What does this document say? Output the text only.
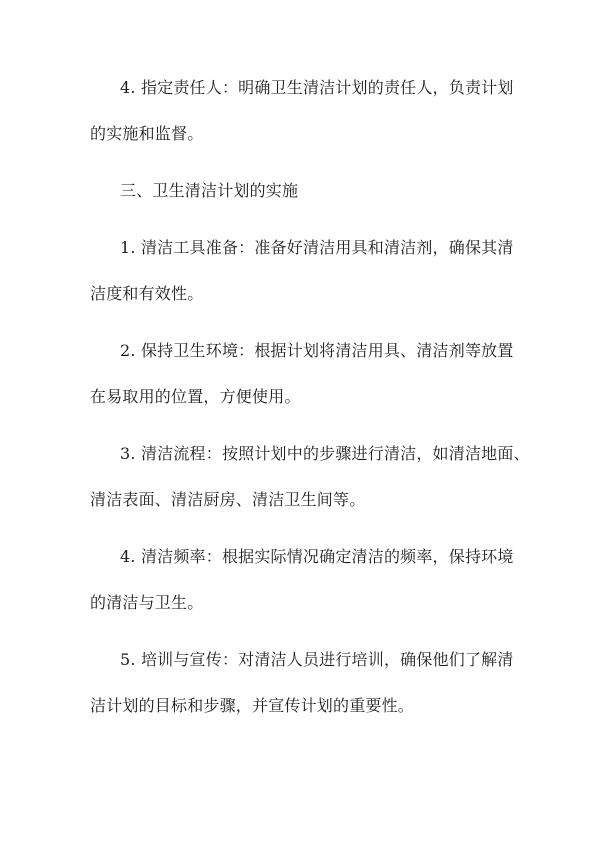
4. 指定责任人：明确卫生清洁计划的责任人，负责计划
的实施和监督。
三、卫生清洁计划的实施
1. 清洁工具准备：准备好清洁用具和清洁剂，确保其清
洁度和有效性。
2. 保持卫生环境：根据计划将清洁用具、清洁剂等放置
在易取用的位置，方便使用。
3. 清洁流程：按照计划中的步骤进行清洁，如清洁地面、
清洁表面、清洁厨房、清洁卫生间等。
4. 清洁频率：根据实际情况确定清洁的频率，保持环境
的清洁与卫生。
5. 培训与宣传：对清洁人员进行培训，确保他们了解清
洁计划的目标和步骤，并宣传计划的重要性。
